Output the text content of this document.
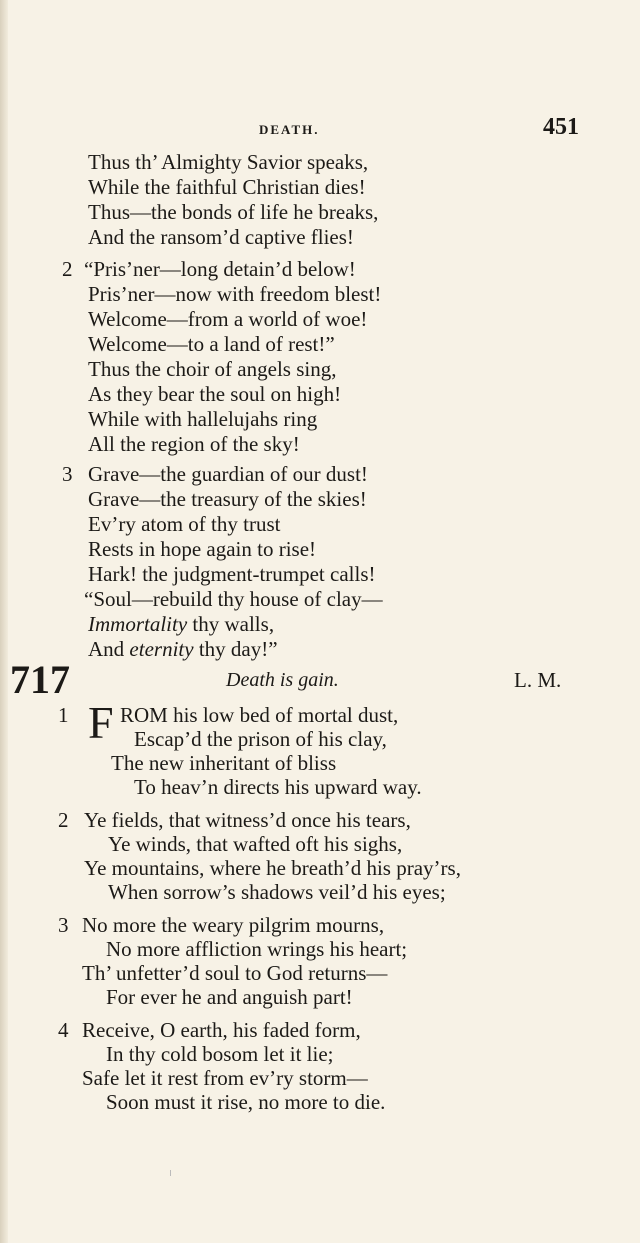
DEATH.	451
Thus th’ Almighty Savior speaks,
While the faithful Christian dies!
Thus—the bonds of life he breaks,
And the ransom’d captive flies!
2 “Pris’ner—long detain’d below!
Pris’ner—now with freedom blest!
Welcome—from a world of woe!
Welcome—to a land of rest!”
Thus the choir of angels sing,
As they bear the soul on high!
While with hallelujahs ring
All the region of the sky!
3 Grave—the guardian of our dust!
Grave—the treasury of the skies!
Ev’ry atom of thy trust
Rests in hope again to rise!
Hark! the judgment-trumpet calls!
“Soul—rebuild thy house of clay—
Immortality thy walls,
And eternity thy day!”
717	Death is gain.	L. M.
1 F ROM his low bed of mortal dust,
Escap’d the prison of his clay,
The new inheritant of bliss
To heav’n directs his upward way.
2 Ye fields, that witness’d once his tears,
Ye winds, that wafted oft his sighs,
Ye mountains, where he breath’d his pray’rs,
When sorrow’s shadows veil’d his eyes;
3 No more the weary pilgrim mourns,
No more affliction wrings his heart;
Th’ unfetter’d soul to God returns—
For ever he and anguish part!
4 Receive, O earth, his faded form,
In thy cold bosom let it lie;
Safe let it rest from ev’ry storm—
Soon must it rise, no more to die.
